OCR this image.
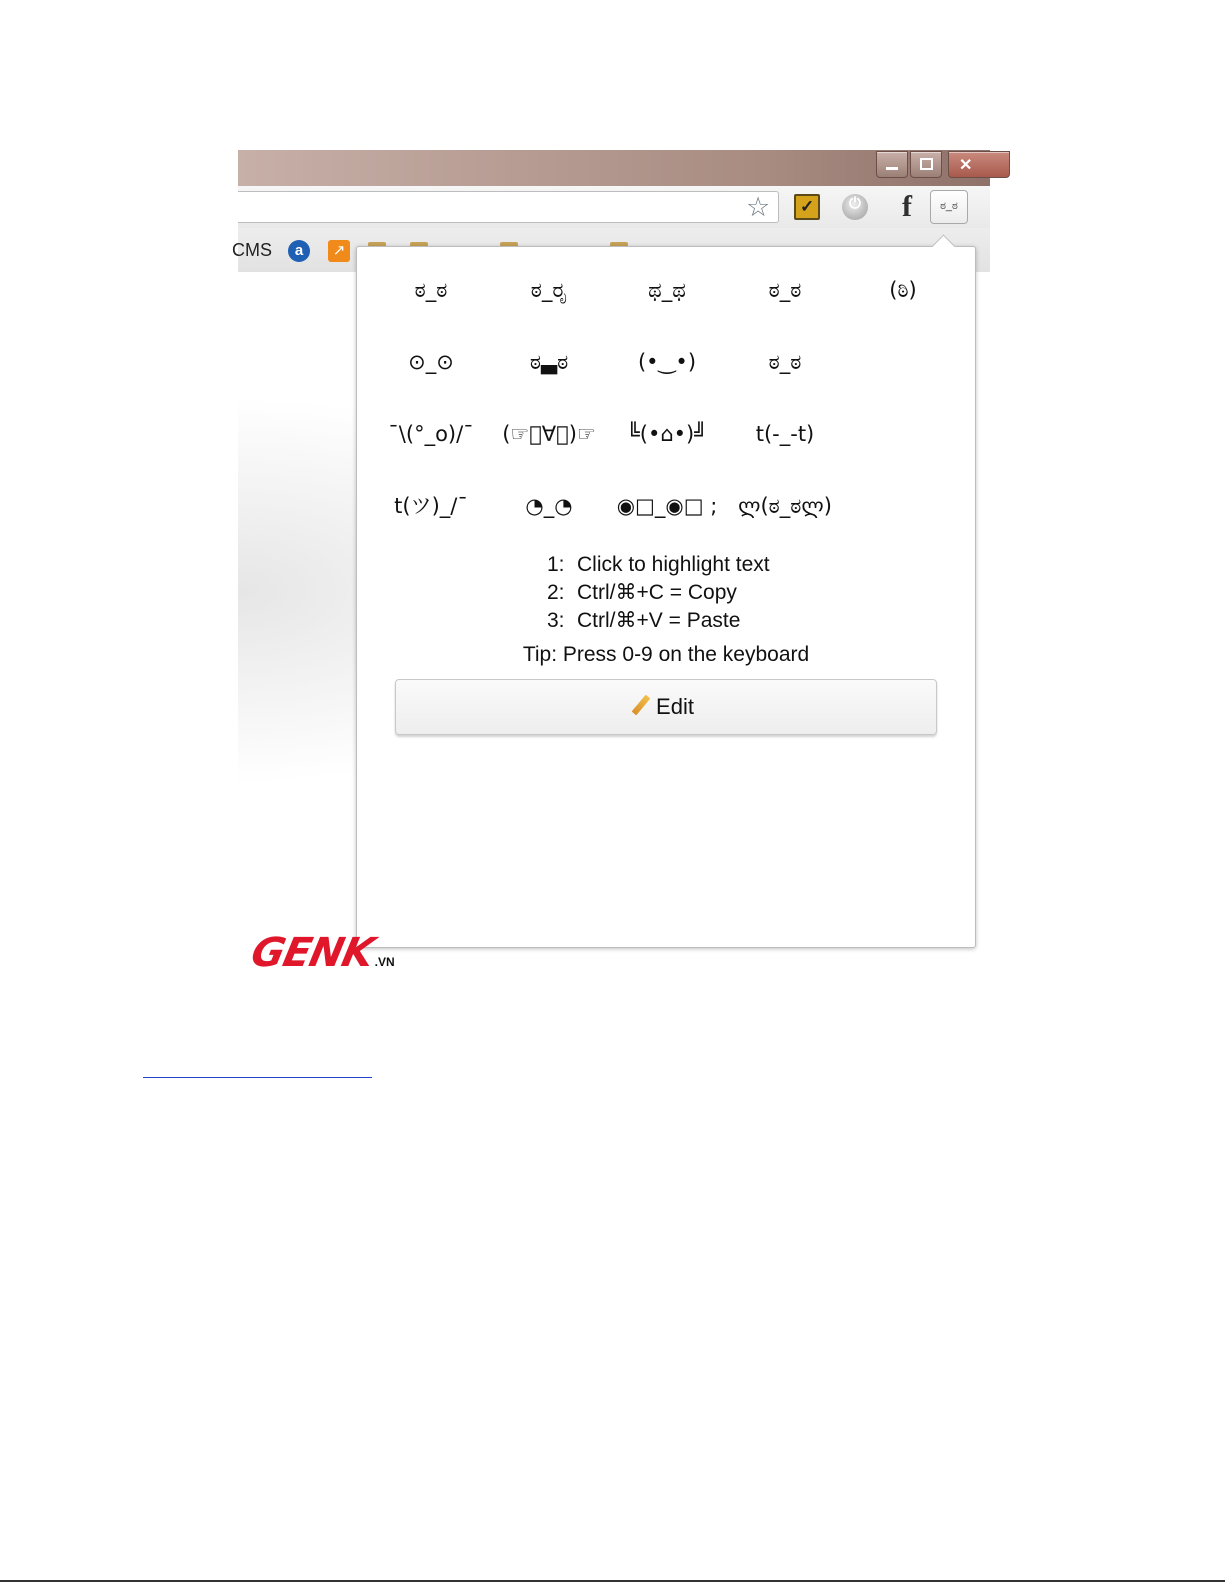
✕
☆ ✓ ⏻ f	ಠ_ಠ
CMS	a	↗
ಠ_ಠ	ಠ_ರೃ	ಥ_ಥ	ಠ_ಠ	(ಠಿ)
⊙_⊙	ಠ▃ಠ	(•‿•)	ಠ_ಠ
¯\(°_o)/¯	(☞ﾟ∀ﾟ)☞	╚(•⌂•)╝	t(-_-t)
t(ツ)_/¯	◔_◔	◉□_◉□ ; ლ(ಠ_ಠლ)
1: Click to highlight text
2: Ctrl/⌘+C = Copy
3: Ctrl/⌘+V = Paste
Tip: Press 0-9 on the keyboard
Edit
GENK.VN
